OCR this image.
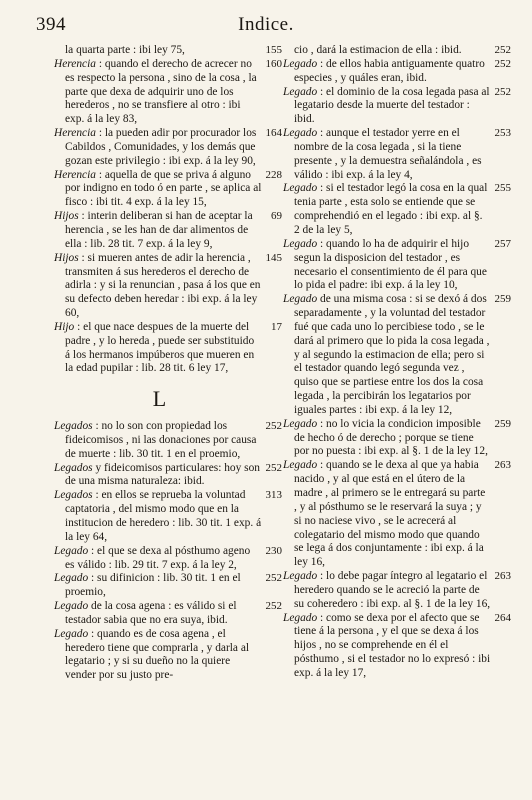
394	Indice.
155
la quarta parte : ibi ley 75,
160
Herencia : quando el derecho de acrecer no es respecto la persona , sino de la cosa , la parte que dexa de adquirir uno de los herederos , no se transfiere al otro : ibi exp. á la ley 83,
164
Herencia : la pueden adir por procurador los Cabildos , Comunidades, y los demás que gozan este privilegio : ibi exp. á la ley 90,
228
Herencia : aquella de que se priva á alguno por indigno en todo ó en parte , se aplica al fisco : ibi tit. 4 exp. á la ley 15,
69
Hijos : interin deliberan si han de aceptar la herencia , se les han de dar alimentos de ella : lib. 28 tit. 7 exp. á la ley 9,
145
Hijos : si mueren antes de adir la herencia , transmiten á sus herederos el derecho de adirla : y si la renuncian , pasa á los que en su defecto deben heredar : ibi exp. á la ley 60,
17
Hijo : el que nace despues de la muerte del padre , y lo hereda , puede ser substituido á los hermanos impúberos que mueren en la edad pupilar : lib. 28 tit. 6 ley 17,
L
252
Legados : no lo son con propiedad los fideicomisos , ni las donaciones por causa de muerte : lib. 30 tit. 1 en el proemio,
252
Legados y fideicomisos particulares: hoy son de una misma naturaleza: ibid.
313
Legados : en ellos se reprueba la voluntad captatoria , del mismo modo que en la institucion de heredero : lib. 30 tit. 1 exp. á la ley 64,
230
Legado : el que se dexa al pósthumo ageno es válido : lib. 29 tit. 7 exp. á la ley 2,
252
Legado : su difinicion : lib. 30 tit. 1 en el proemio,
252
Legado de la cosa agena : es válido si el testador sabia que no era suya, ibid.
Legado : quando es de cosa agena , el heredero tiene que comprarla , y darla al legatario ; y si su dueño no la quiere vender por su justo pre-
252
cio , dará la estimacion de ella : ibid.
252
Legado : de ellos habia antiguamente quatro especies , y quáles eran, ibid.
252
Legado : el dominio de la cosa legada pasa al legatario desde la muerte del testador : ibid.
253
Legado : aunque el testador yerre en el nombre de la cosa legada , si la tiene presente , y la demuestra señalándola , es válido : ibi exp. á la ley 4,
255
Legado : si el testador legó la cosa en la qual tenia parte , esta solo se entiende que se comprehendió en el legado : ibi exp. al §. 2 de la ley 5,
257
Legado : quando lo ha de adquirir el hijo segun la disposicion del testador , es necesario el consentimiento de él para que lo pida el padre: ibi exp. á la ley 10,
259
Legado de una misma cosa : si se dexó á dos separadamente , y la voluntad del testador fué que cada uno lo percibiese todo , se le dará al primero que lo pida la cosa legada , y al segundo la estimacion de ella; pero si el testador quando legó segunda vez , quiso que se partiese entre los dos la cosa legada , la percibirán los legatarios por iguales partes : ibi exp. á la ley 12,
259
Legado : no lo vicia la condicion imposible de hecho ó de derecho ; porque se tiene por no puesta : ibi exp. al §. 1 de la ley 12,
263
Legado : quando se le dexa al que ya habia nacido , y al que está en el útero de la madre , al primero se le entregará su parte , y al pósthumo se le reservará la suya ; y si no naciese vivo , se le acrecerá al colegatario del mismo modo que quando se lega á dos conjuntamente : ibi exp. á la ley 16,
263
Legado : lo debe pagar íntegro al legatario el heredero quando se le acreció la parte de su coheredero : ibi exp. al §. 1 de la ley 16,
264
Legado : como se dexa por el afecto que se tiene á la persona , y el que se dexa á los hijos , no se comprehende en él el pósthumo , si el testador no lo expresó : ibi exp. á la ley 17,
